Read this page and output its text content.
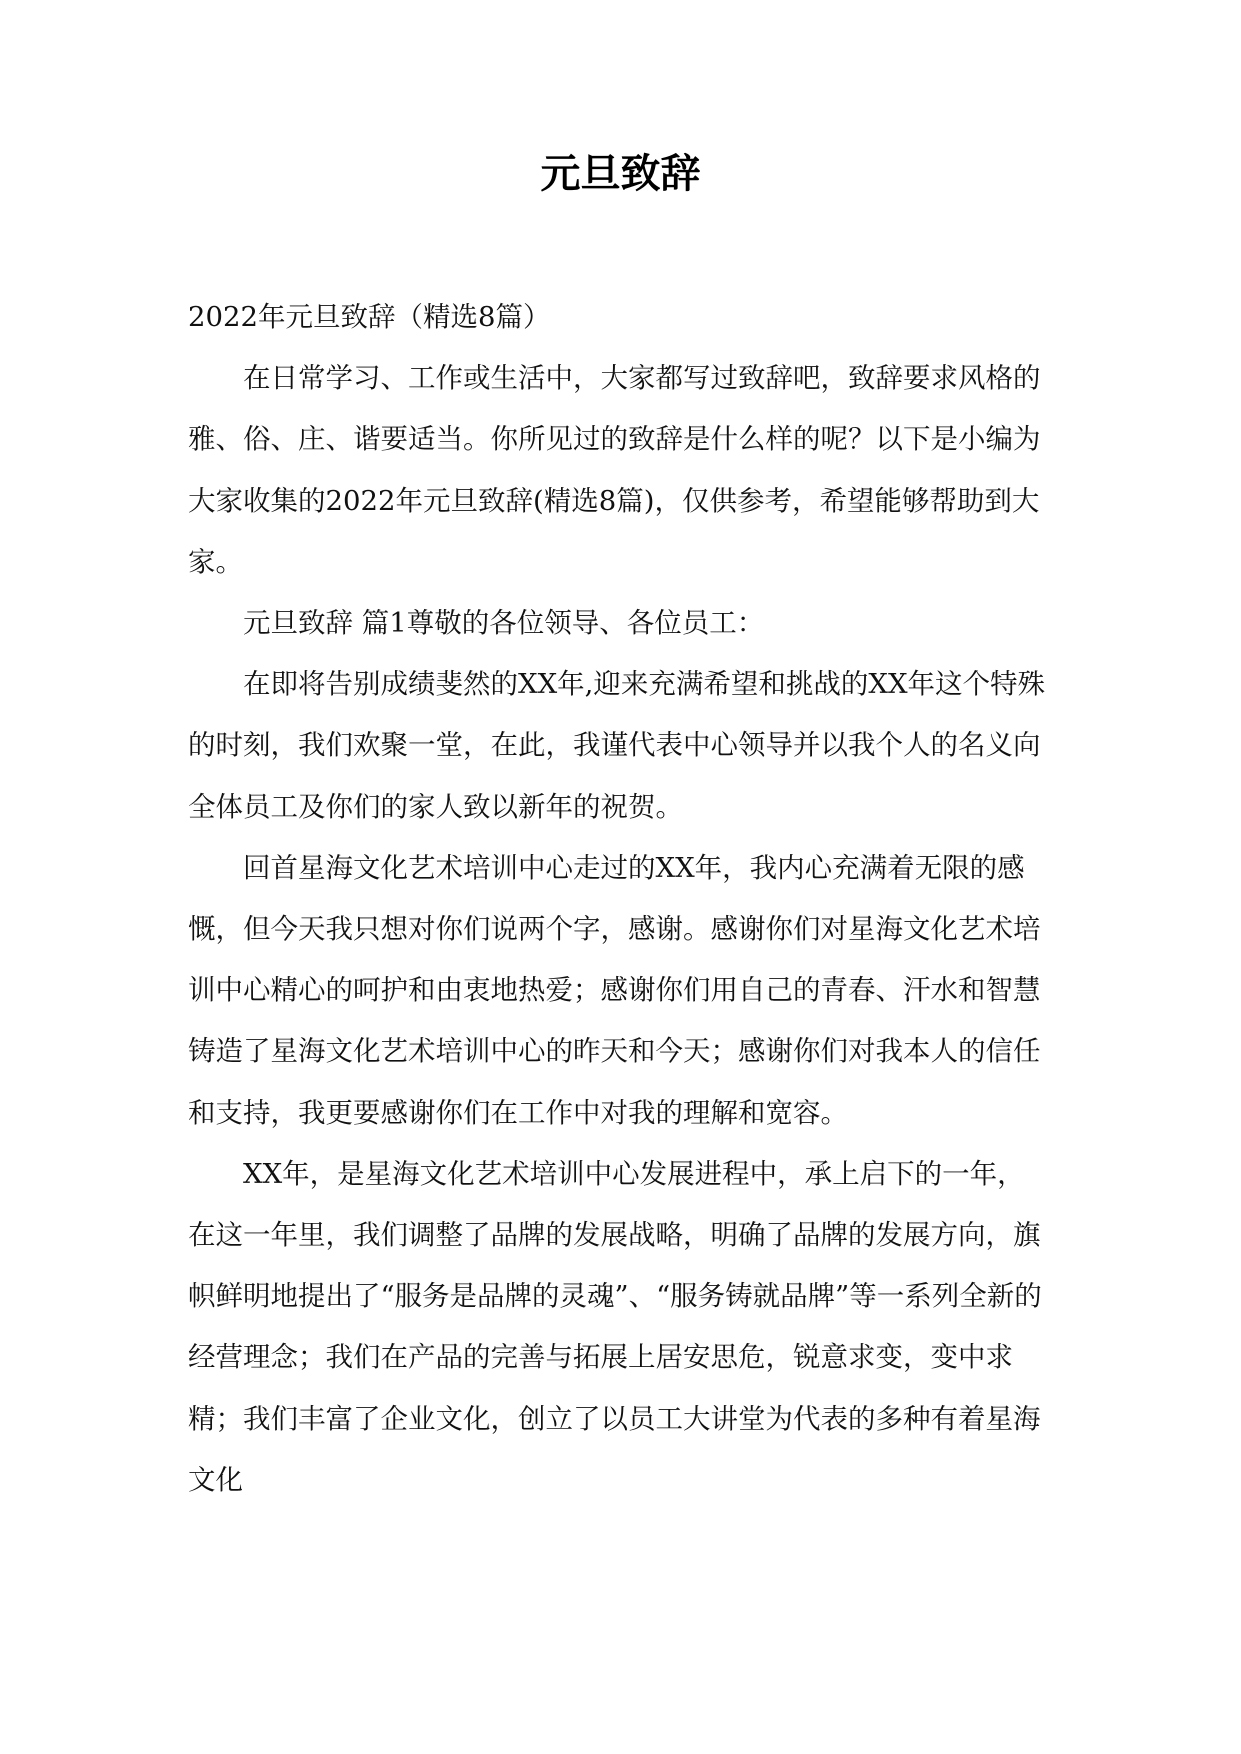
元旦致辞

2022年元旦致辞（精选8篇）

在日常学习、工作或生活中，大家都写过致辞吧，致辞要求风格的雅、俗、庄、谐要适当。你所见过的致辞是什么样的呢？以下是小编为大家收集的2022年元旦致辞(精选8篇)，仅供参考，希望能够帮助到大家。

元旦致辞 篇1尊敬的各位领导、各位员工：

在即将告别成绩斐然的XX年,迎来充满希望和挑战的XX年这个特殊的时刻，我们欢聚一堂，在此，我谨代表中心领导并以我个人的名义向全体员工及你们的家人致以新年的祝贺。

回首星海文化艺术培训中心走过的XX年，我内心充满着无限的感慨，但今天我只想对你们说两个字，感谢。感谢你们对星海文化艺术培训中心精心的呵护和由衷地热爱；感谢你们用自己的青春、汗水和智慧铸造了星海文化艺术培训中心的昨天和今天；感谢你们对我本人的信任和支持，我更要感谢你们在工作中对我的理解和宽容。

XX年，是星海文化艺术培训中心发展进程中，承上启下的一年，在这一年里，我们调整了品牌的发展战略，明确了品牌的发展方向，旗帜鲜明地提出了“服务是品牌的灵魂”、“服务铸就品牌”等一系列全新的经营理念；我们在产品的完善与拓展上居安思危，锐意求变，变中求精；我们丰富了企业文化，创立了以员工大讲堂为代表的多种有着星海文化
